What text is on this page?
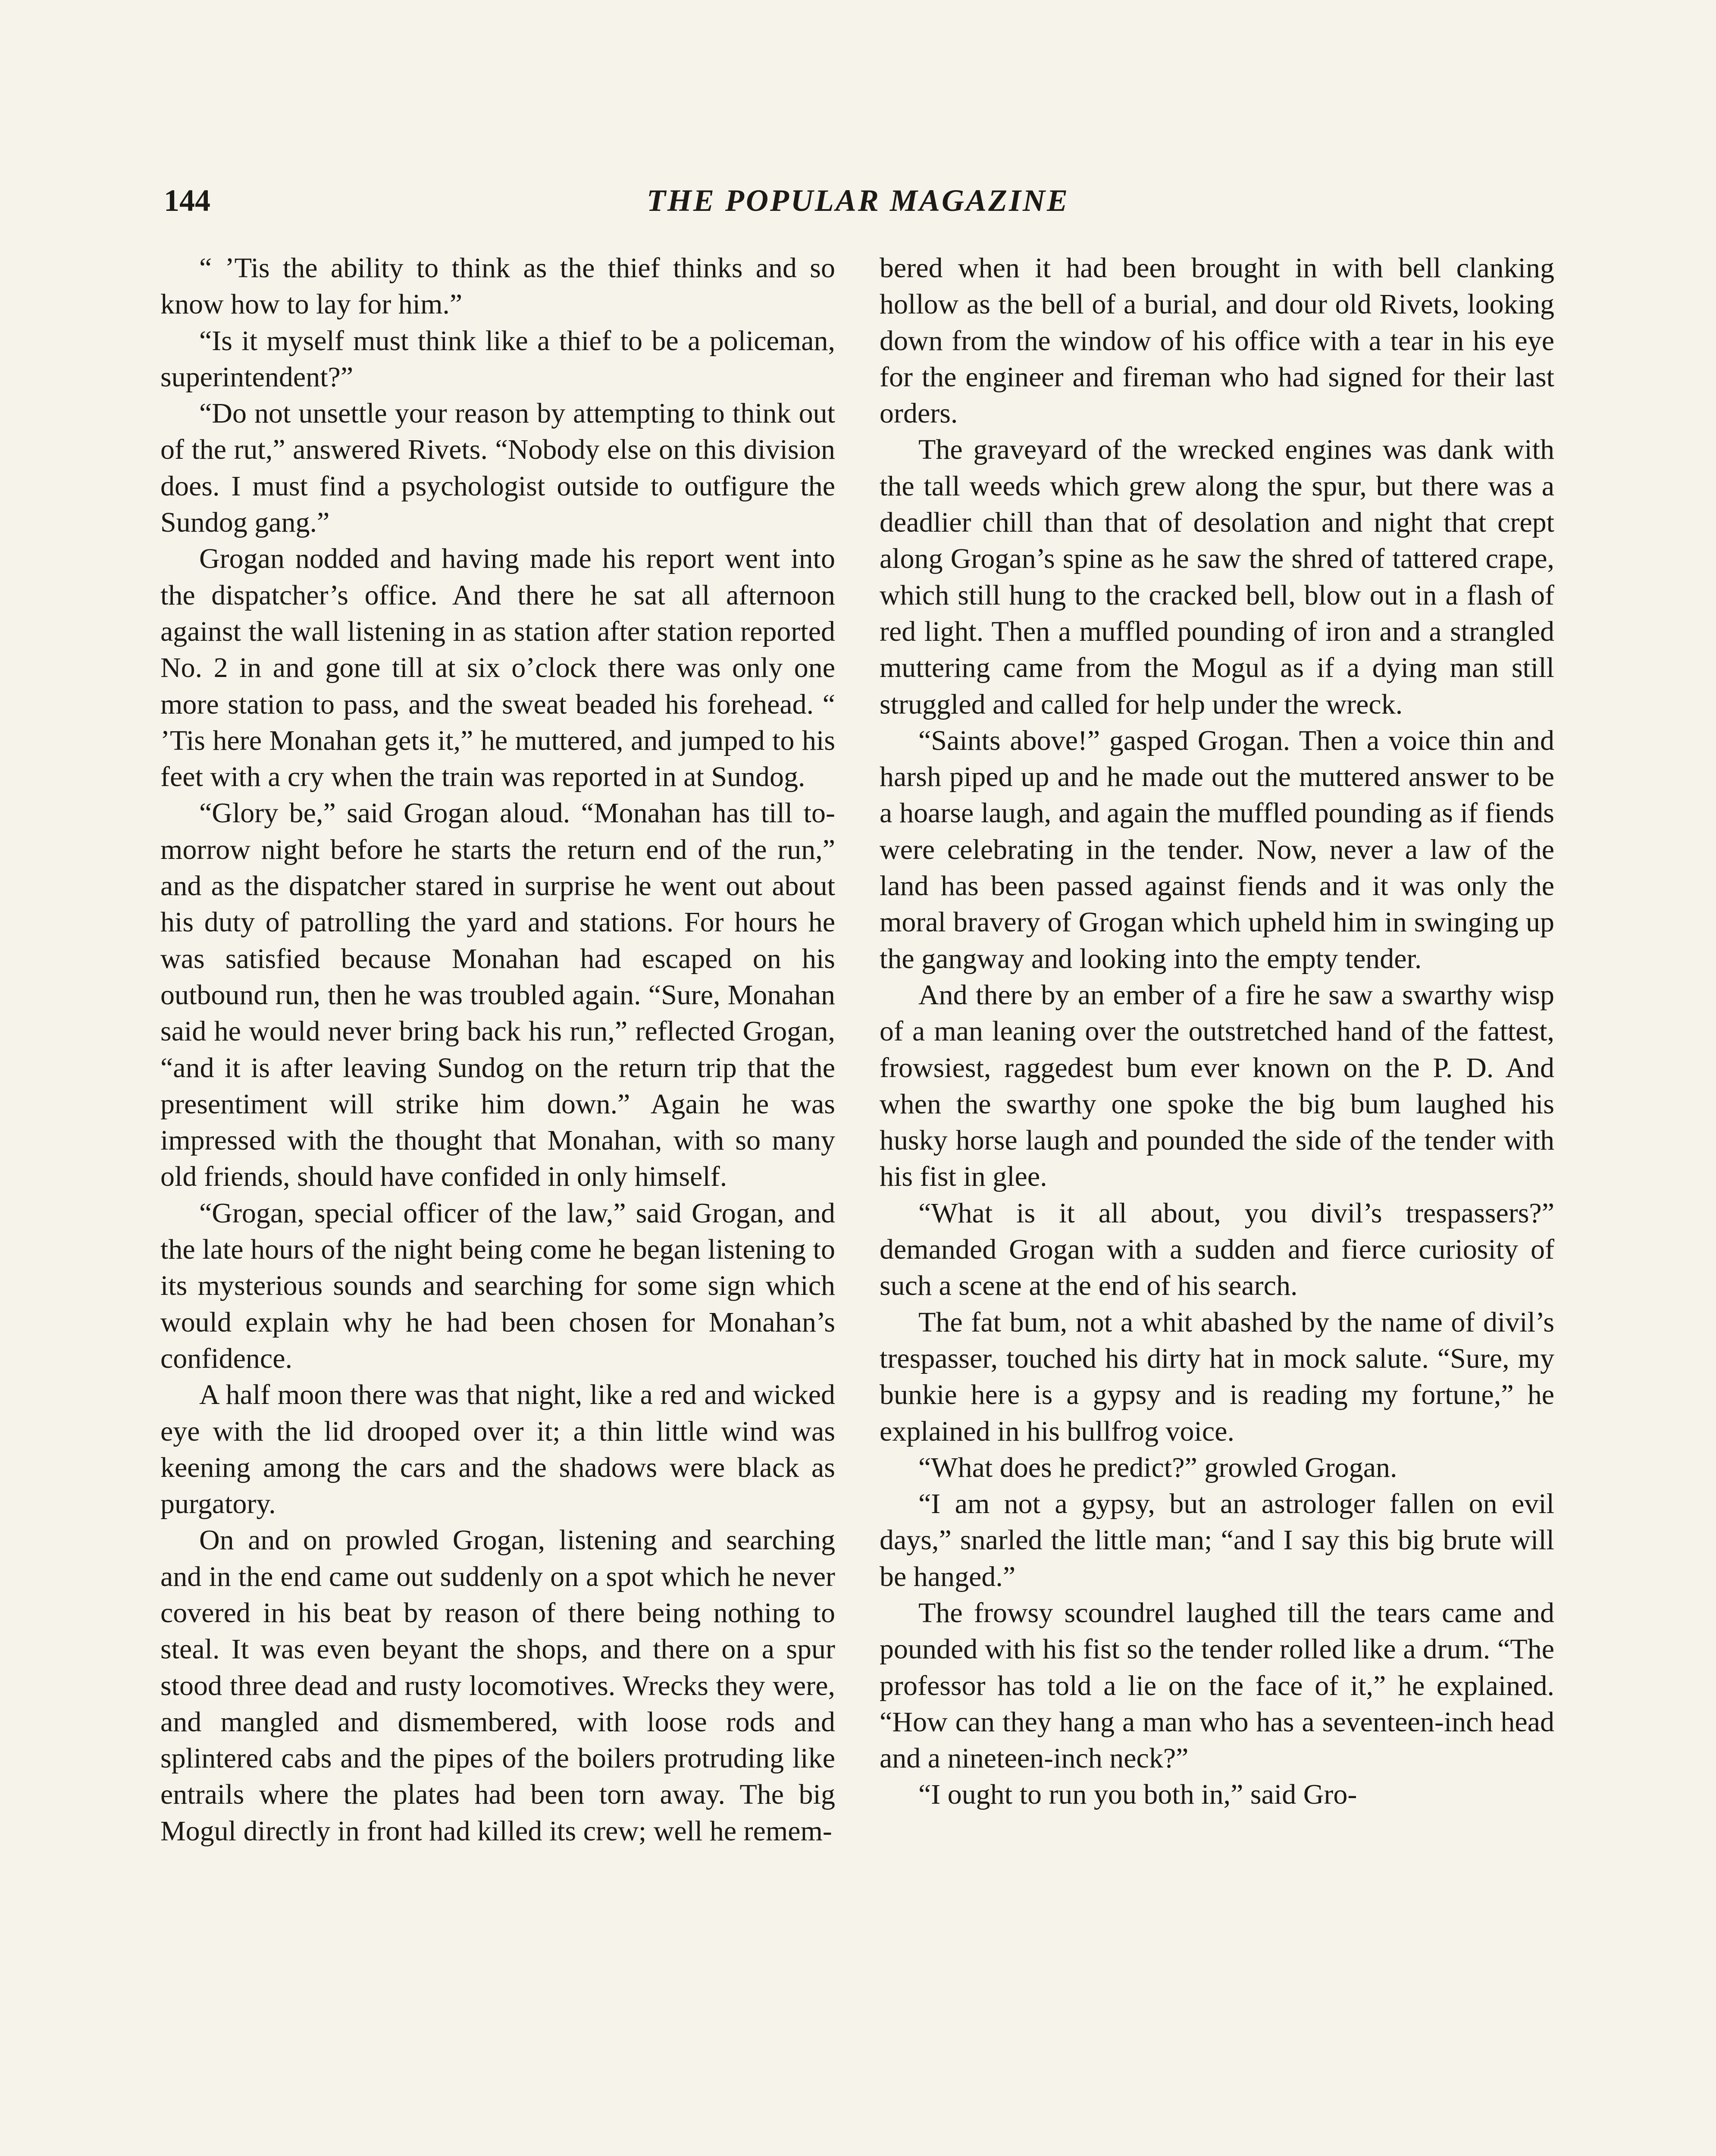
144	THE POPULAR MAGAZINE

“ ’Tis the ability to think as the thief thinks and so know how to lay for him.”

“Is it myself must think like a thief to be a policeman, superintendent?”

“Do not unsettle your reason by attempting to think out of the rut,” answered Rivets. “Nobody else on this division does. I must find a psychologist outside to outfigure the Sundog gang.”

Grogan nodded and having made his report went into the dispatcher’s office. And there he sat all afternoon against the wall listening in as station after station reported No. 2 in and gone till at six o’clock there was only one more station to pass, and the sweat beaded his forehead. “ ’Tis here Monahan gets it,” he muttered, and jumped to his feet with a cry when the train was reported in at Sundog.

“Glory be,” said Grogan aloud. “Monahan has till to-morrow night before he starts the return end of the run,” and as the dispatcher stared in surprise he went out about his duty of patrolling the yard and stations. For hours he was satisfied because Monahan had escaped on his outbound run, then he was troubled again. “Sure, Monahan said he would never bring back his run,” reflected Grogan, “and it is after leaving Sundog on the return trip that the presentiment will strike him down.” Again he was impressed with the thought that Monahan, with so many old friends, should have confided in only himself.

“Grogan, special officer of the law,” said Grogan, and the late hours of the night being come he began listening to its mysterious sounds and searching for some sign which would explain why he had been chosen for Monahan’s confidence.

A half moon there was that night, like a red and wicked eye with the lid drooped over it; a thin little wind was keening among the cars and the shadows were black as purgatory.

On and on prowled Grogan, listening and searching and in the end came out suddenly on a spot which he never covered in his beat by reason of there being nothing to steal. It was even beyant the shops, and there on a spur stood three dead and rusty locomotives. Wrecks they were, and mangled and dismembered, with loose rods and splintered cabs and the pipes of the boilers protruding like entrails where the plates had been torn away. The big Mogul directly in front had killed its crew; well he remem-

bered when it had been brought in with bell clanking hollow as the bell of a burial, and dour old Rivets, looking down from the window of his office with a tear in his eye for the engineer and fireman who had signed for their last orders.

The graveyard of the wrecked engines was dank with the tall weeds which grew along the spur, but there was a deadlier chill than that of desolation and night that crept along Grogan’s spine as he saw the shred of tattered crape, which still hung to the cracked bell, blow out in a flash of red light. Then a muffled pounding of iron and a strangled muttering came from the Mogul as if a dying man still struggled and called for help under the wreck.

“Saints above!” gasped Grogan. Then a voice thin and harsh piped up and he made out the muttered answer to be a hoarse laugh, and again the muffled pounding as if fiends were celebrating in the tender. Now, never a law of the land has been passed against fiends and it was only the moral bravery of Grogan which upheld him in swinging up the gangway and looking into the empty tender.

And there by an ember of a fire he saw a swarthy wisp of a man leaning over the outstretched hand of the fattest, frowsiest, raggedest bum ever known on the P. D. And when the swarthy one spoke the big bum laughed his husky horse laugh and pounded the side of the tender with his fist in glee.

“What is it all about, you divil’s trespassers?” demanded Grogan with a sudden and fierce curiosity of such a scene at the end of his search.

The fat bum, not a whit abashed by the name of divil’s trespasser, touched his dirty hat in mock salute. “Sure, my bunkie here is a gypsy and is reading my fortune,” he explained in his bullfrog voice.

“What does he predict?” growled Grogan.

“I am not a gypsy, but an astrologer fallen on evil days,” snarled the little man; “and I say this big brute will be hanged.”

The frowsy scoundrel laughed till the tears came and pounded with his fist so the tender rolled like a drum. “The professor has told a lie on the face of it,” he explained. “How can they hang a man who has a seventeen-inch head and a nineteen-inch neck?”

“I ought to run you both in,” said Gro-
